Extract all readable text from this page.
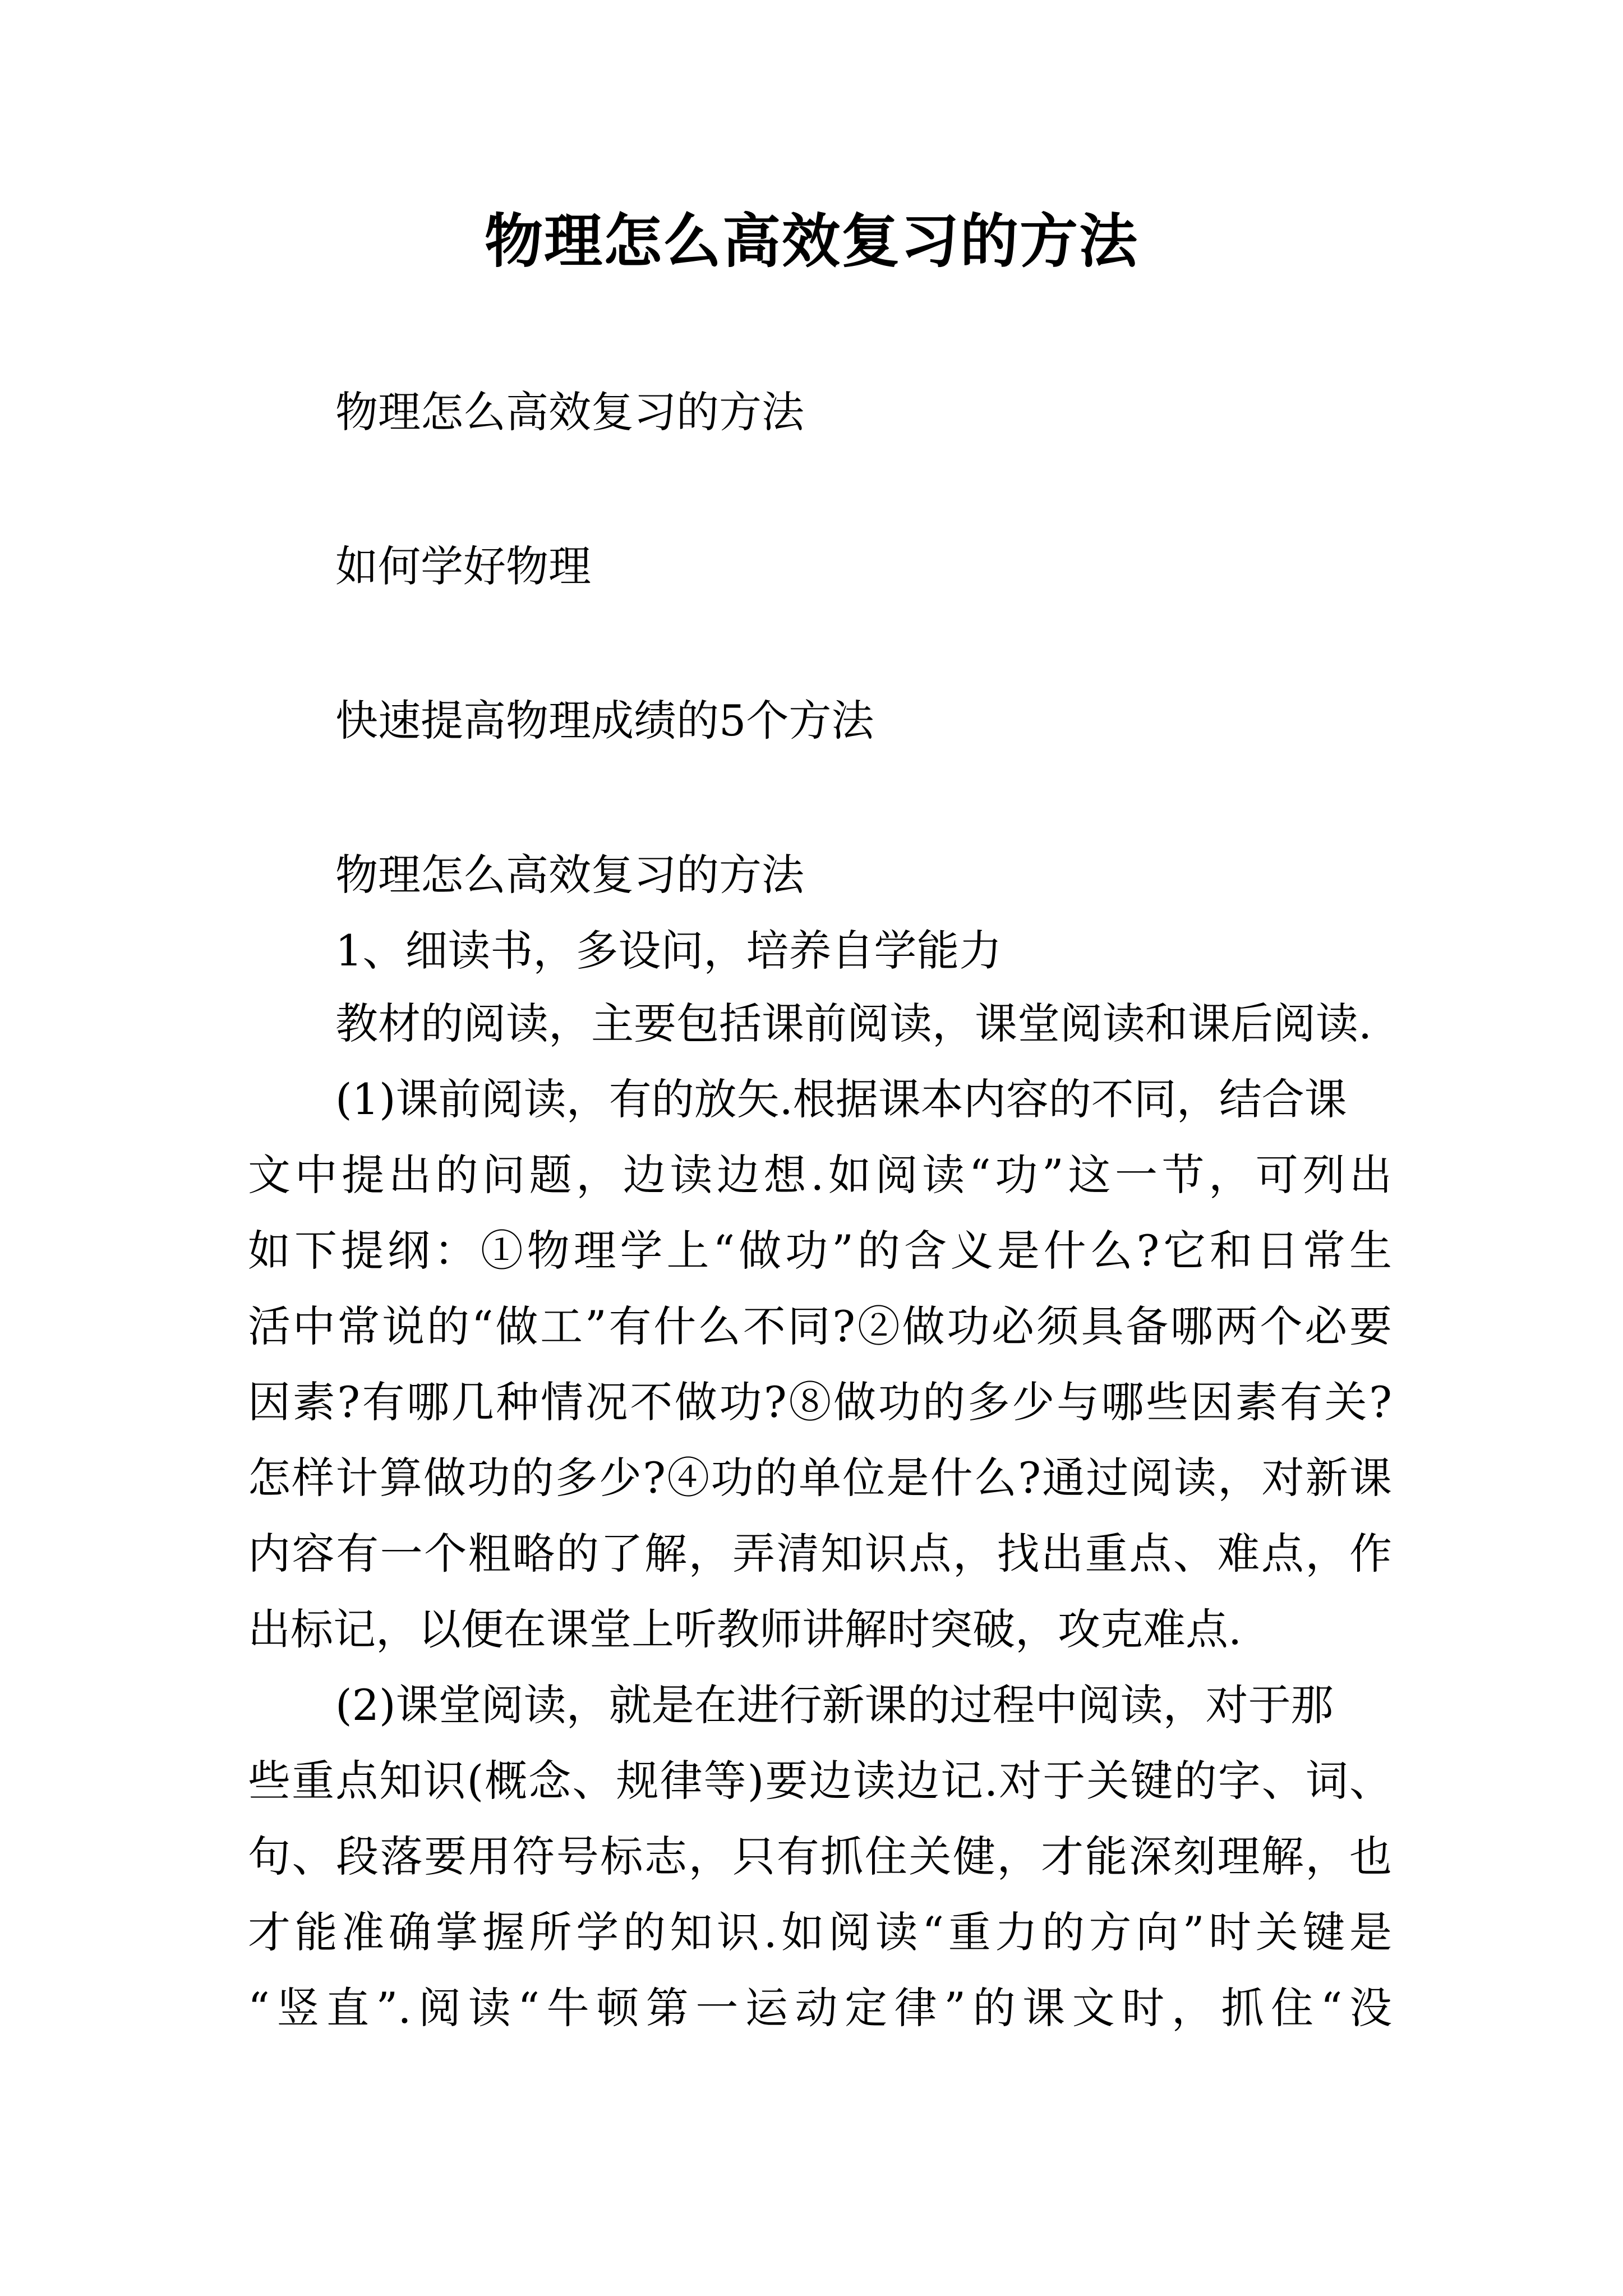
物理怎么高效复习的方法

物理怎么高效复习的方法

如何学好物理

快速提高物理成绩的5个方法

物理怎么高效复习的方法

1、细读书，多设问，培养自学能力

教材的阅读，主要包括课前阅读，课堂阅读和课后阅读.

(1)课前阅读，有的放矢.根据课本内容的不同，结合课

文中提出的问题，边读边想.如阅读“功”这一节，可列出

如下提纲：①物理学上“做功”的含义是什么?它和日常生

活中常说的“做工”有什么不同?②做功必须具备哪两个必要

因素?有哪几种情况不做功?⑧做功的多少与哪些因素有关?

怎样计算做功的多少?④功的单位是什么?通过阅读，对新课

内容有一个粗略的了解，弄清知识点，找出重点、难点，作

出标记，以便在课堂上听教师讲解时突破，攻克难点.

(2)课堂阅读，就是在进行新课的过程中阅读，对于那

些重点知识(概念、规律等)要边读边记.对于关键的字、词、

句、段落要用符号标志，只有抓住关健，才能深刻理解，也

才能准确掌握所学的知识.如阅读“重力的方向”时关键是

“竖直”.阅读“牛顿第一运动定律”的课文时，抓住“没
